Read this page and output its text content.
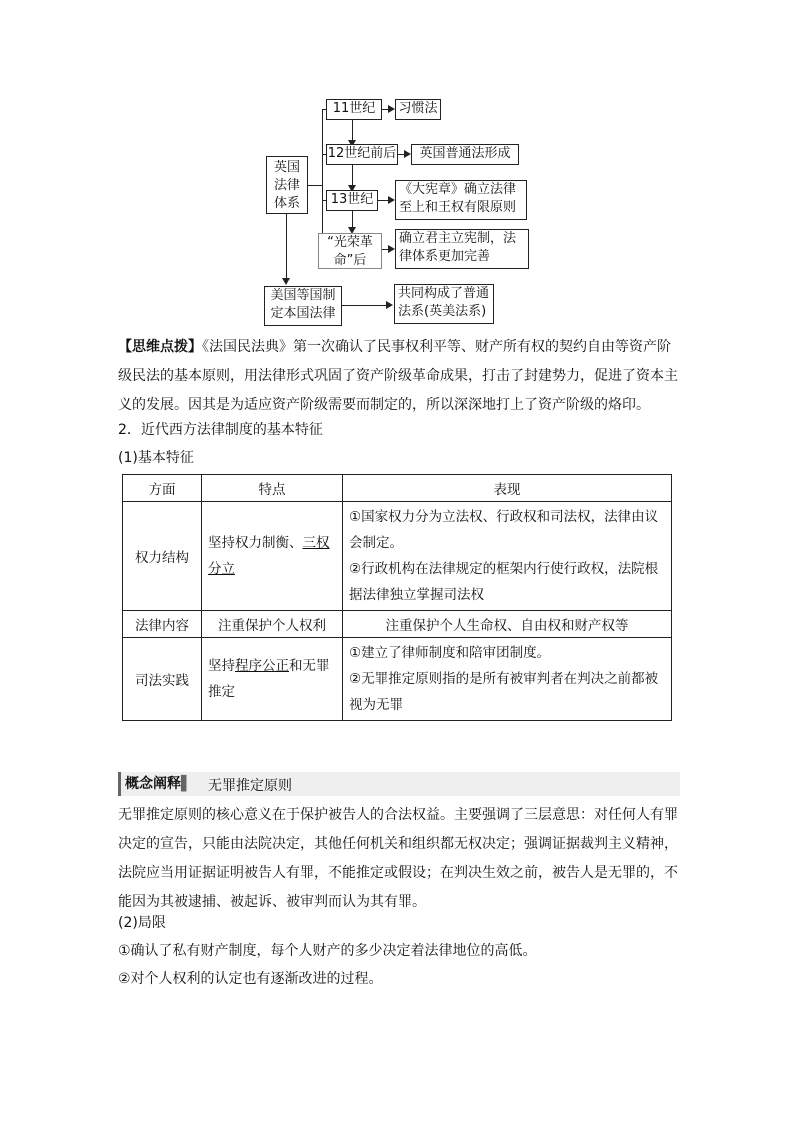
英国
法律
体系
11世纪	习惯法
12世纪前后	英国普通法形成
13世纪
《大宪章》确立法律
至上和王权有限原则
“光荣革
命”后
确立君主立宪制，法
律体系更加完善
美国等国制
定本国法律
共同构成了普通
法系(英美法系)
【思维点拨】《法国民法典》第一次确认了民事权利平等、财产所有权的契约自由等资产阶级民法的基本原则，用法律形式巩固了资产阶级革命成果，打击了封建势力，促进了资本主义的发展。因其是为适应资产阶级需要而制定的，所以深深地打上了资产阶级的烙印。
2．近代西方法律制度的基本特征
(1)基本特征
方面	特点	表现
权力结构	坚持权力制衡、三权分立	①国家权力分为立法权、行政权和司法权，法律由议会制定。
②行政机构在法律规定的框架内行使行政权，法院根据法律独立掌握司法权

法律内容	注重保护个人权利	注重保护个人生命权、自由权和财产权等
司法实践	坚持程序公正和无罪推定	①建立了律师制度和陪审团制度。
②无罪推定原则指的是所有被审判者在判决之前都被视为无罪
概念阐释▌ 无罪推定原则
无罪推定原则的核心意义在于保护被告人的合法权益。主要强调了三层意思：对任何人有罪决定的宣告，只能由法院决定，其他任何机关和组织都无权决定；强调证据裁判主义精神，法院应当用证据证明被告人有罪，不能推定或假设；在判决生效之前，被告人是无罪的，不能因为其被逮捕、被起诉、被审判而认为其有罪。
(2)局限
①确认了私有财产制度，每个人财产的多少决定着法律地位的高低。
②对个人权利的认定也有逐渐改进的过程。
